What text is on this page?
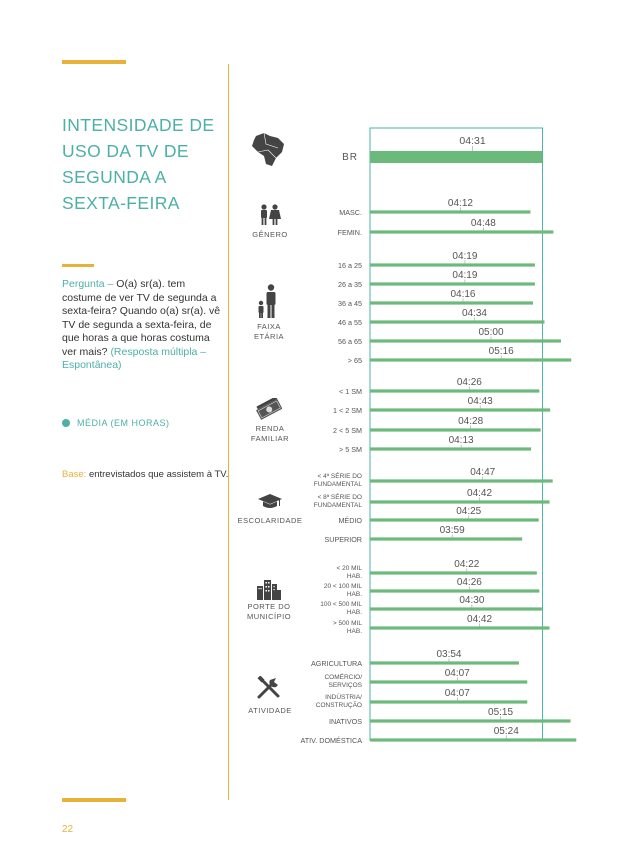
INTENSIDADE DE USO DA TV DE SEGUNDA A SEXTA-FEIRA
Pergunta – O(a) sr(a). tem costume de ver TV de segunda a sexta-feira? Quando o(a) sr(a). vê TV de segunda a sexta-feira, de que horas a que horas costuma ver mais? (Resposta múltipla – Espontânea)
MÉDIA (EM HORAS)
Base: entrevistados que assistem à TV.
22
GÊNERO
FAIXA ETÁRIA
RENDA FAMILIAR
ESCOLARIDADE
PORTE DO MUNICÍPIO
ATIVIDADE
04:31
BR
04:12
MASC.
04:48
FEMIN.
04:19
16 a 25
04:19
26 a 35
04:16
36 a 45
04:34
46 a 55
05:00
56 a 65
05:16
> 65
04:26
< 1 SM
04:43
1 < 2 SM
04:28
2 < 5 SM
04:13
> 5 SM
04:47
< 4ª SÉRIE DO FUNDAMENTAL
04:42
< 8ª SÉRIE DO FUNDAMENTAL
04:25
MÉDIO
03:59
SUPERIOR
04:22
< 20 MIL HAB.
04:26
20 < 100 MIL HAB.
04:30
100 < 500 MIL HAB.
04:42
> 500 MIL HAB.
03:54
AGRICULTURA
04:07
COMÉRCIO/ SERVIÇOS
04:07
INDÚSTRIA/ CONSTRUÇÃO
05:15
INATIVOS
05:24
ATIV. DOMÉSTICA
